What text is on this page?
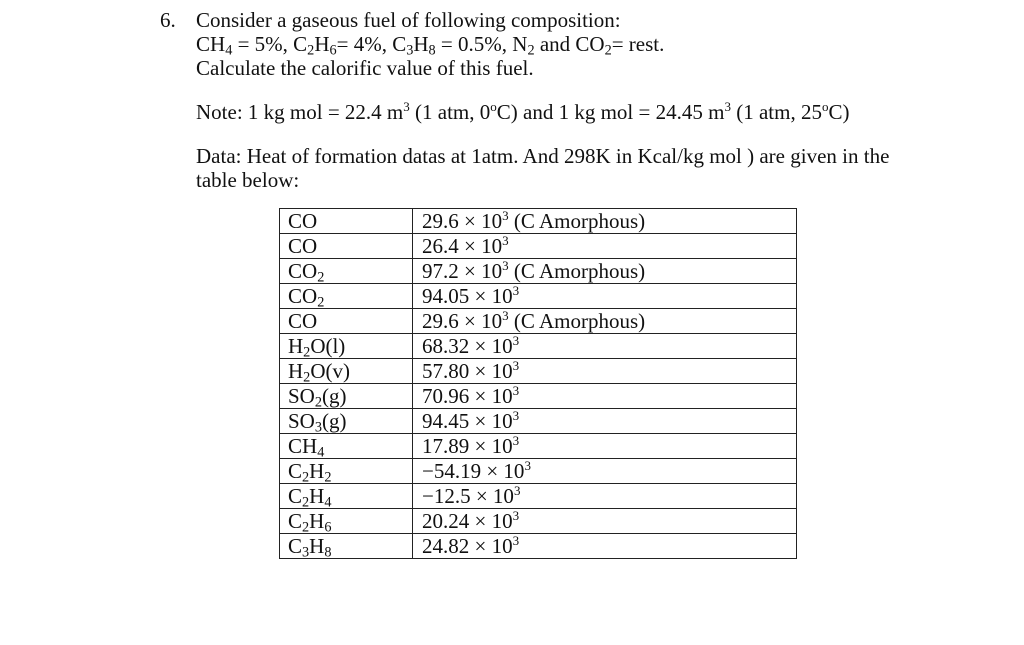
6. Consider a gaseous fuel of following composition:
$CH_4 = 5\%$, $C_2H_6= 4\%$, $C_3H_8 = 0.5\%$, $N_2$ and $CO_2=$ rest.
Calculate the calorific value of this fuel.
Note: 1 kg mol = 22.4 $m^3$ (1 atm, 0$^o$C) and 1 kg mol = 24.45 $m^3$ (1 atm, 25$^o$C)
Data: Heat of formation datas at 1atm. And 298K in Kcal/kg mol ) are given in the
table below:
CO	$29.6 \times 10^3$ (C Amorphous)
CO	$26.4 \times 10^3$
$CO_2$	$97.2 \times 10^3$ (C Amorphous)
$CO_2$	$94.05 \times 10^3$
CO	$29.6 \times 10^3$ (C Amorphous)
$H_2O(l)$	$68.32 \times 10^3$
$H_2O(v)$	$57.80 \times 10^3$
$SO_2(g)$	$70.96 \times 10^3$
$SO_3(g)$	$94.45 \times 10^3$
$CH_4$	$17.89 \times 10^3$
$C_2H_2$	$-54.19 \times 10^3$
$C_2H_4$	$-12.5 \times 10^3$
$C_2H_6$	$20.24 \times 10^3$
$C_3H_8$	$24.82 \times 10^3$
